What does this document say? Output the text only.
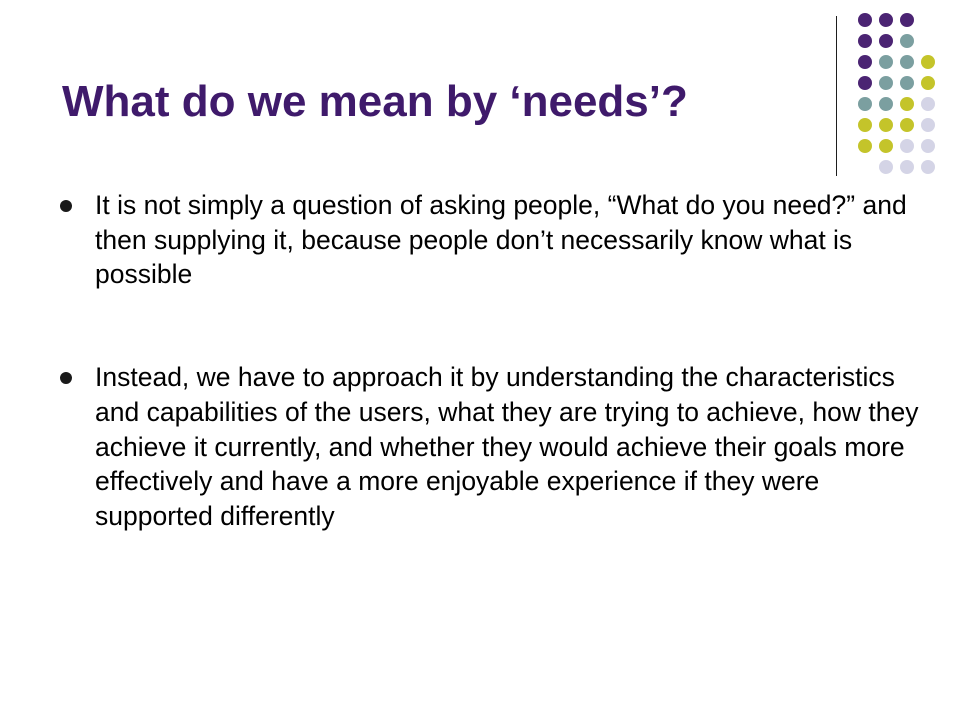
What do we mean by ‘needs’?
It is not simply a question of asking people, “What do you need?” and then supplying it, because people don’t necessarily know what is possible
Instead, we have to approach it by understanding the characteristics and capabilities of the users, what they are trying to achieve, how they achieve it currently, and whether they would achieve their goals more effectively and have a more enjoyable experience if they were supported differently
